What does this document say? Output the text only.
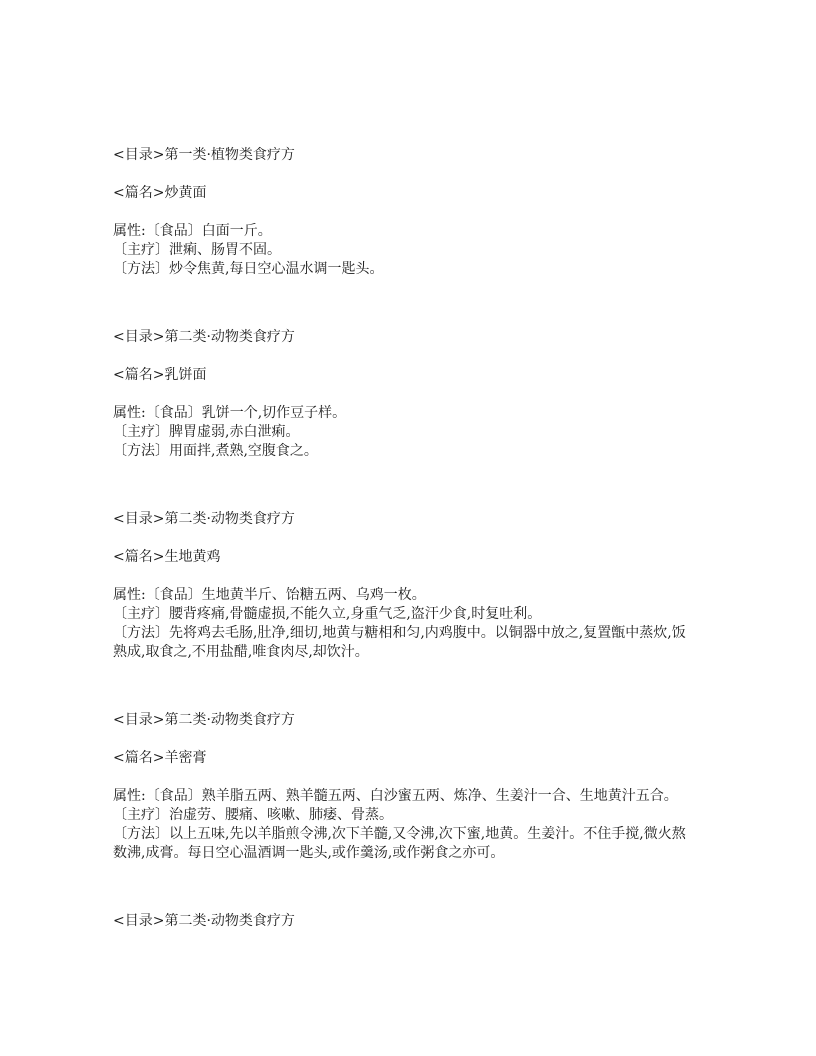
<目录>第一类·植物类食疗方

<篇名>炒黄面

属性:〔食品〕白面一斤。
〔主疗〕泄痢、肠胃不固。
〔方法〕炒令焦黄,每日空心温水调一匙头。

<目录>第二类·动物类食疗方

<篇名>乳饼面

属性:〔食品〕乳饼一个,切作豆子样。
〔主疗〕脾胃虚弱,赤白泄痢。
〔方法〕用面拌,煮熟,空腹食之。

<目录>第二类·动物类食疗方

<篇名>生地黄鸡

属性:〔食品〕生地黄半斤、饴糖五两、乌鸡一枚。
〔主疗〕腰背疼痛,骨髓虚损,不能久立,身重气乏,盗汗少食,时复吐利。
〔方法〕先将鸡去毛肠,肚净,细切,地黄与糖相和匀,内鸡腹中。以铜器中放之,复置甑中蒸炊,饭熟成,取食之,不用盐醋,唯食肉尽,却饮汁。

<目录>第二类·动物类食疗方

<篇名>羊密膏

属性:〔食品〕熟羊脂五两、熟羊髓五两、白沙蜜五两、炼净、生姜汁一合、生地黄汁五合。
〔主疗〕治虚劳、腰痛、咳嗽、肺痿、骨蒸。
〔方法〕以上五味,先以羊脂煎令沸,次下羊髓,又令沸,次下蜜,地黄。生姜汁。不住手搅,微火熬数沸,成膏。每日空心温酒调一匙头,或作羹汤,或作粥食之亦可。

<目录>第二类·动物类食疗方
